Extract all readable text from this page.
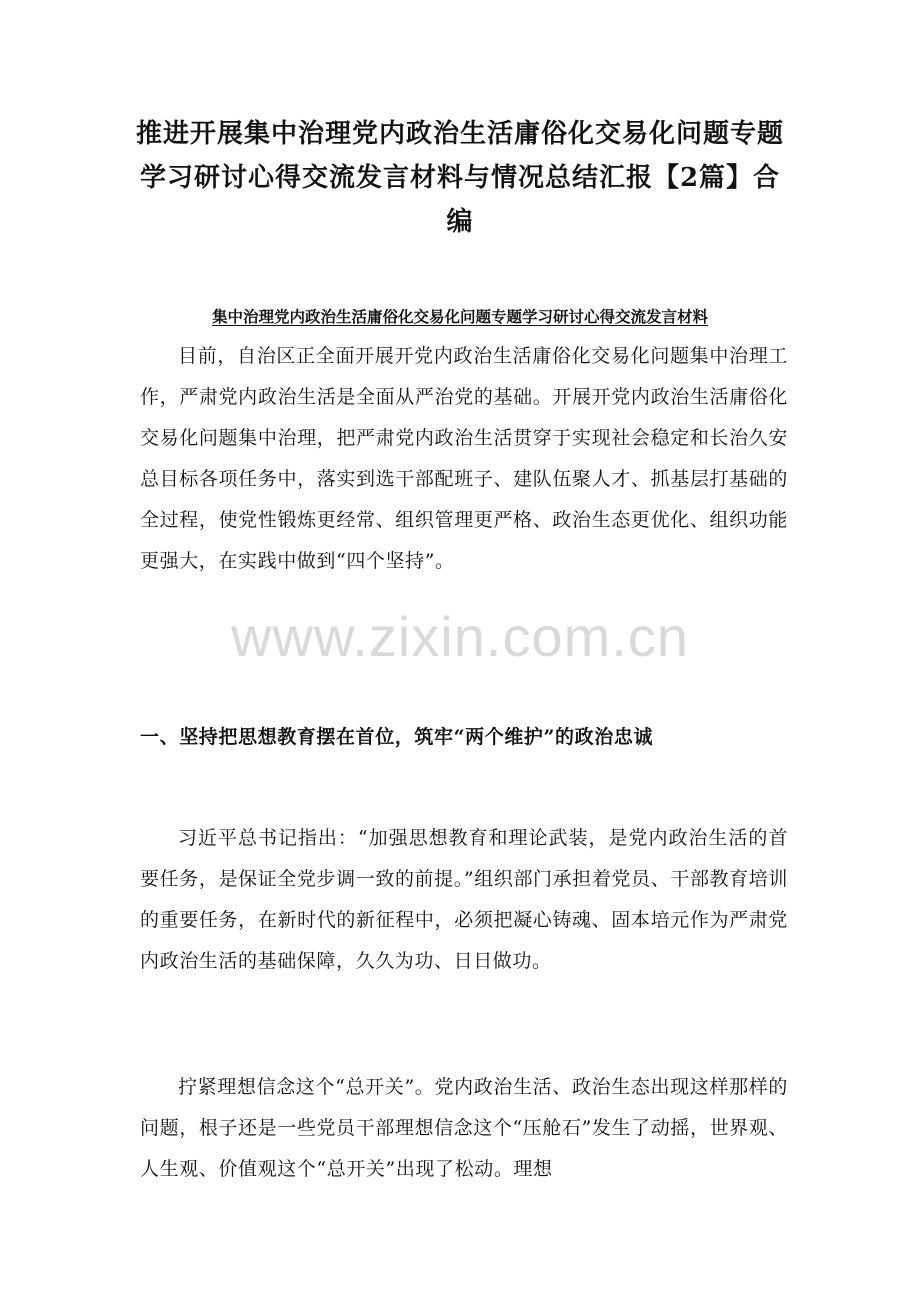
推进开展集中治理党内政治生活庸俗化交易化问题专题学习研讨心得交流发言材料与情况总结汇报【2篇】合编

集中治理党内政治生活庸俗化交易化问题专题学习研讨心得交流发言材料

目前，自治区正全面开展开党内政治生活庸俗化交易化问题集中治理工作，严肃党内政治生活是全面从严治党的基础。开展开党内政治生活庸俗化交易化问题集中治理，把严肃党内政治生活贯穿于实现社会稳定和长治久安总目标各项任务中，落实到选干部配班子、建队伍聚人才、抓基层打基础的全过程，使党性锻炼更经常、组织管理更严格、政治生态更优化、组织功能更强大，在实践中做到“四个坚持”。

一、坚持把思想教育摆在首位，筑牢“两个维护”的政治忠诚

习近平总书记指出：“加强思想教育和理论武装，是党内政治生活的首要任务，是保证全党步调一致的前提。”组织部门承担着党员、干部教育培训的重要任务，在新时代的新征程中，必须把凝心铸魂、固本培元作为严肃党内政治生活的基础保障，久久为功、日日做功。

拧紧理想信念这个“总开关”。党内政治生活、政治生态出现这样那样的问题，根子还是一些党员干部理想信念这个“压舱石”发生了动摇，世界观、人生观、价值观这个“总开关”出现了松动。理想

www.zixin.com.cn
